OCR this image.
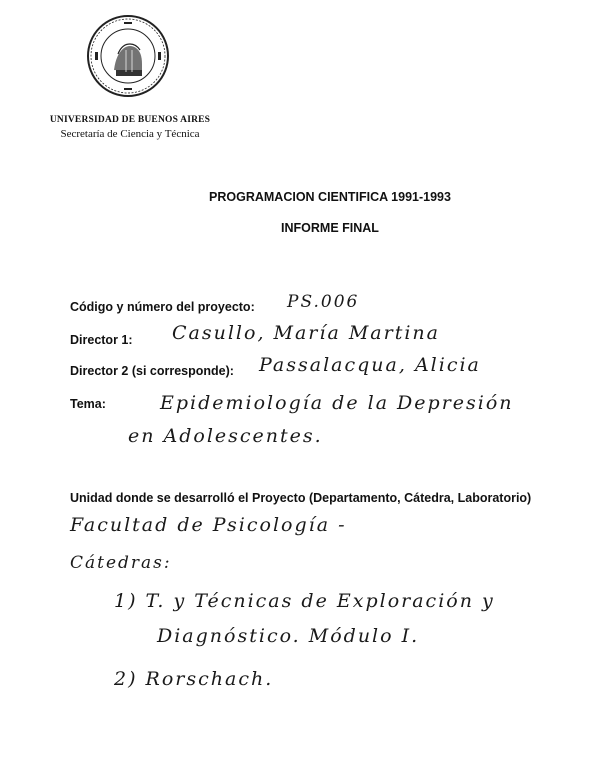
UNIVERSIDAD DE BUENOS AIRES
Secretaría de Ciencia y Técnica
PROGRAMACION CIENTIFICA 1991-1993
INFORME FINAL
Código y número del proyecto: PS.006
Director 1: Casullo, María Martina
Director 2 (si corresponde): Passalacqua, Alicia
Tema:	Epidemiología de la Depresión
en Adolescentes.
Unidad donde se desarrolló el Proyecto (Departamento, Cátedra, Laboratorio)
Facultad de Psicología -
Cátedras:
1) T. y Técnicas de Exploración y
Diagnóstico. Módulo I.
2) Rorschach.
